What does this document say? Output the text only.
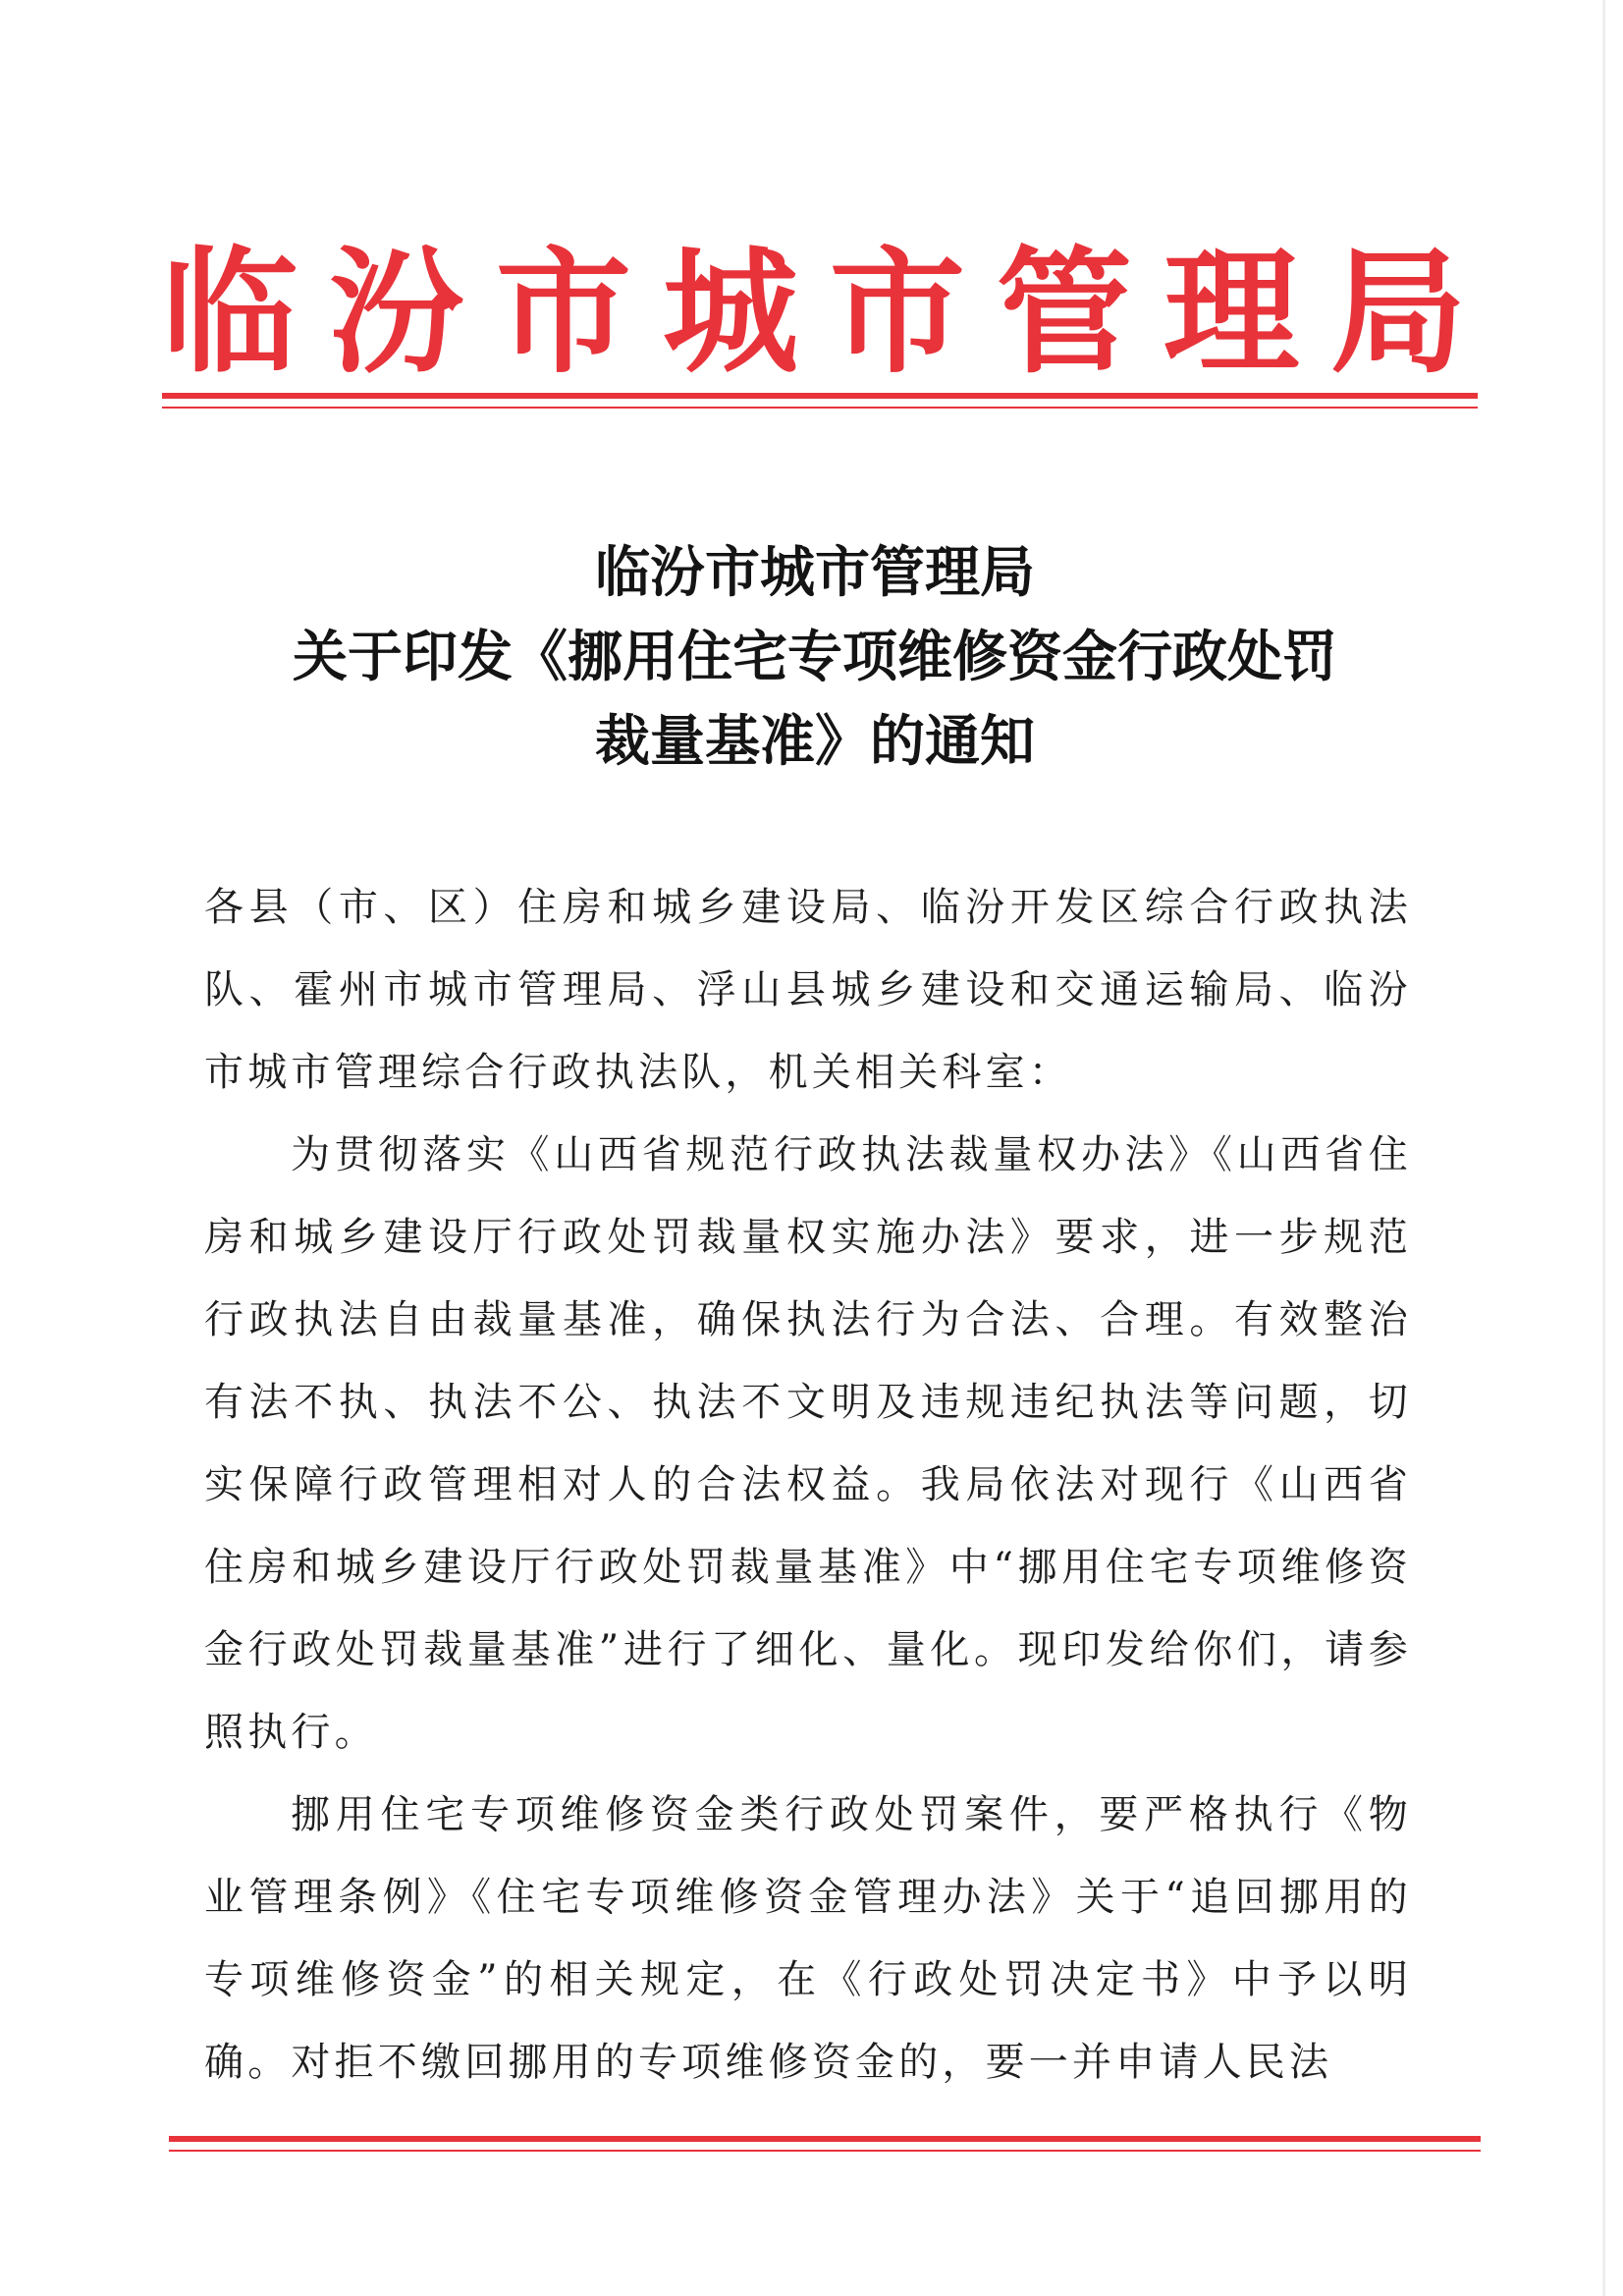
临汾市城市管理局
临汾市城市管理局
关于印发《挪用住宅专项维修资金行政处罚
裁量基准》的通知

各县（市、区）住房和城乡建设局、临汾开发区综合行政执法队、霍州市城市管理局、浮山县城乡建设和交通运输局、临汾市城市管理综合行政执法队，机关相关科室：

为贯彻落实《山西省规范行政执法裁量权办法》《山西省住房和城乡建设厅行政处罚裁量权实施办法》要求，进一步规范行政执法自由裁量基准，确保执法行为合法、合理。有效整治有法不执、执法不公、执法不文明及违规违纪执法等问题，切实保障行政管理相对人的合法权益。我局依法对现行《山西省住房和城乡建设厅行政处罚裁量基准》中“挪用住宅专项维修资金行政处罚裁量基准”进行了细化、量化。现印发给你们，请参照执行。

挪用住宅专项维修资金类行政处罚案件，要严格执行《物业管理条例》《住宅专项维修资金管理办法》关于“追回挪用的专项维修资金”的相关规定，在《行政处罚决定书》中予以明确。对拒不缴回挪用的专项维修资金的，要一并申请人民法
